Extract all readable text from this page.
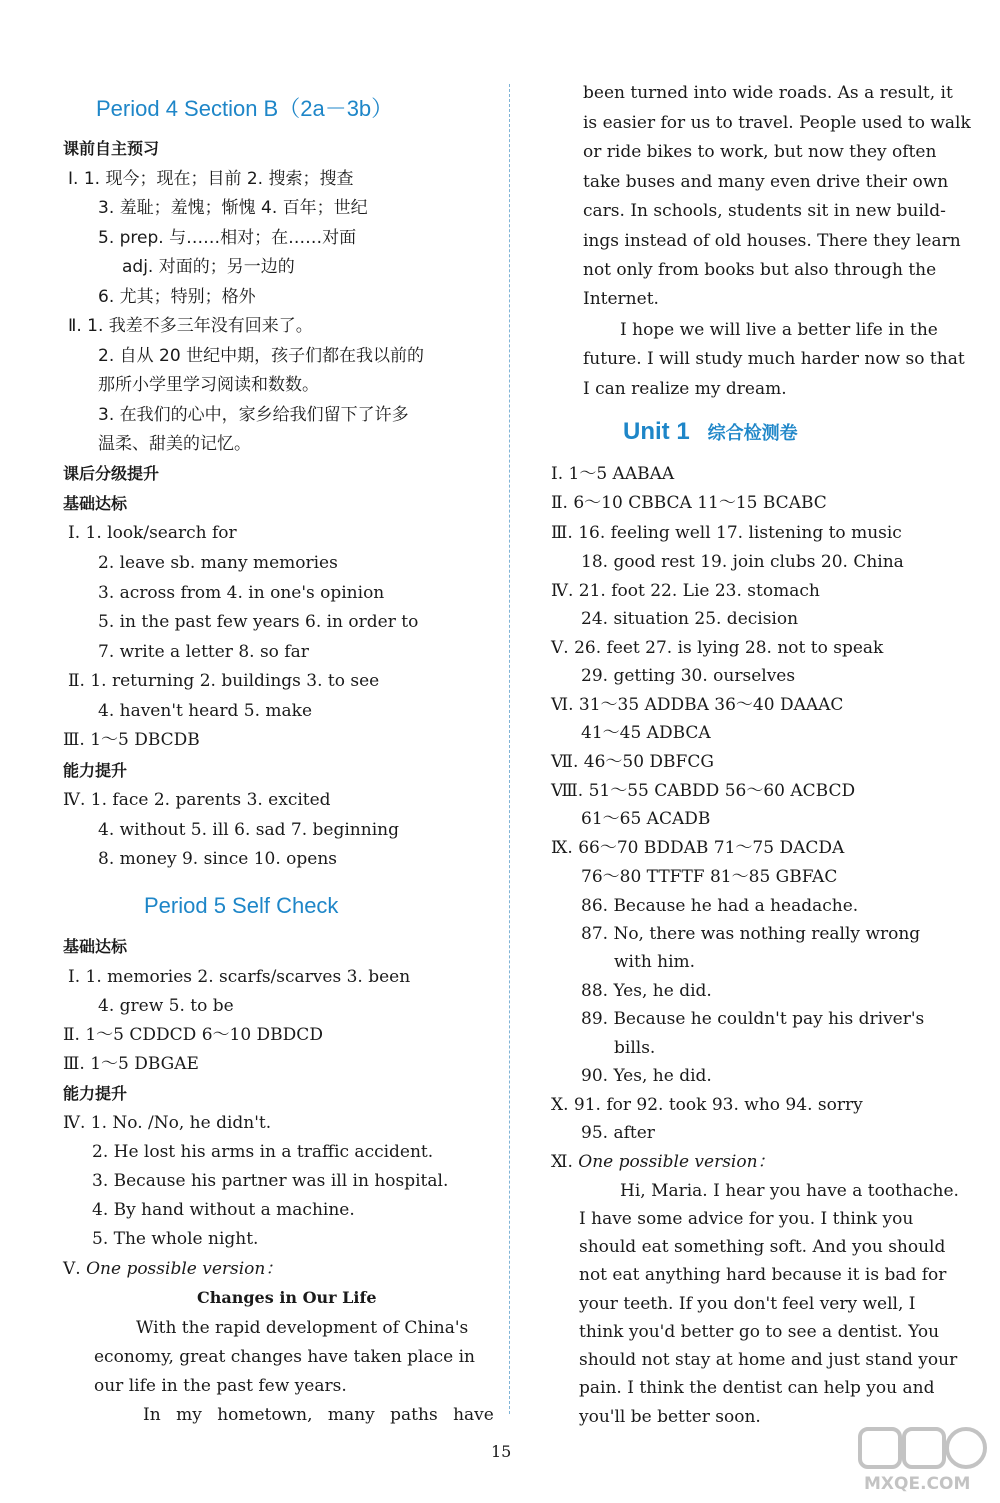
Period 4 Section B（2a－3b）
课前自主预习
Ⅰ. 1. 现今；现在；目前 2. 搜索；搜查
3. 羞耻；羞愧；惭愧 4. 百年；世纪
5. prep. 与……相对；在……对面
adj. 对面的；另一边的
6. 尤其；特别；格外
Ⅱ. 1. 我差不多三年没有回来了。
2. 自从 20 世纪中期，孩子们都在我以前的
那所小学里学习阅读和数数。
3. 在我们的心中，家乡给我们留下了许多
温柔、甜美的记忆。
课后分级提升
基础达标
Ⅰ. 1. look/search for
2. leave sb. many memories
3. across from 4. in one's opinion
5. in the past few years 6. in order to
7. write a letter 8. so far
Ⅱ. 1. returning 2. buildings 3. to see
4. haven't heard 5. make
Ⅲ. 1～5 DBCDB
能力提升
Ⅳ. 1. face 2. parents 3. excited
4. without 5. ill 6. sad 7. beginning
8. money 9. since 10. opens
Period 5 Self Check
基础达标
Ⅰ. 1. memories 2. scarfs/scarves 3. been
4. grew 5. to be
Ⅱ. 1～5 CDDCD 6～10 DBDCD
Ⅲ. 1～5 DBGAE
能力提升
Ⅳ. 1. No. /No, he didn't.
2. He lost his arms in a traffic accident.
3. Because his partner was ill in hospital.
4. By hand without a machine.
5. The whole night.
Ⅴ. One possible version：
Changes in Our Life
With the rapid development of China's
economy, great changes have taken place in
our life in the past few years.
In my hometown, many paths have
been turned into wide roads. As a result, it
is easier for us to travel. People used to walk
or ride bikes to work, but now they often
take buses and many even drive their own
cars. In schools, students sit in new build-
ings instead of old houses. There they learn
not only from books but also through the
Internet.
I hope we will live a better life in the
future. I will study much harder now so that
I can realize my dream.
Unit 1 综合检测卷
Ⅰ. 1～5 AABAA
Ⅱ. 6～10 CBBCA 11～15 BCABC
Ⅲ. 16. feeling well 17. listening to music
18. good rest 19. join clubs 20. China
Ⅳ. 21. foot 22. Lie 23. stomach
24. situation 25. decision
Ⅴ. 26. feet 27. is lying 28. not to speak
29. getting 30. ourselves
Ⅵ. 31～35 ADDBA 36～40 DAAAC
41～45 ADBCA
Ⅶ. 46～50 DBFCG
Ⅷ. 51～55 CABDD 56～60 ACBCD
61～65 ACADB
Ⅸ. 66～70 BDDAB 71～75 DACDA
76～80 TTFTF 81～85 GBFAC
86. Because he had a headache.
87. No, there was nothing really wrong
with him.
88. Yes, he did.
89. Because he couldn't pay his driver's
bills.
90. Yes, he did.
Ⅹ. 91. for 92. took 93. who 94. sorry
95. after
Ⅺ. One possible version：
Hi, Maria. I hear you have a toothache.
I have some advice for you. I think you
should eat something soft. And you should
not eat anything hard because it is bad for
your teeth. If you don't feel very well, I
think you'd better go to see a dentist. You
should not stay at home and just stand your
pain. I think the dentist can help you and
you'll be better soon.
15
MXQE.COM
